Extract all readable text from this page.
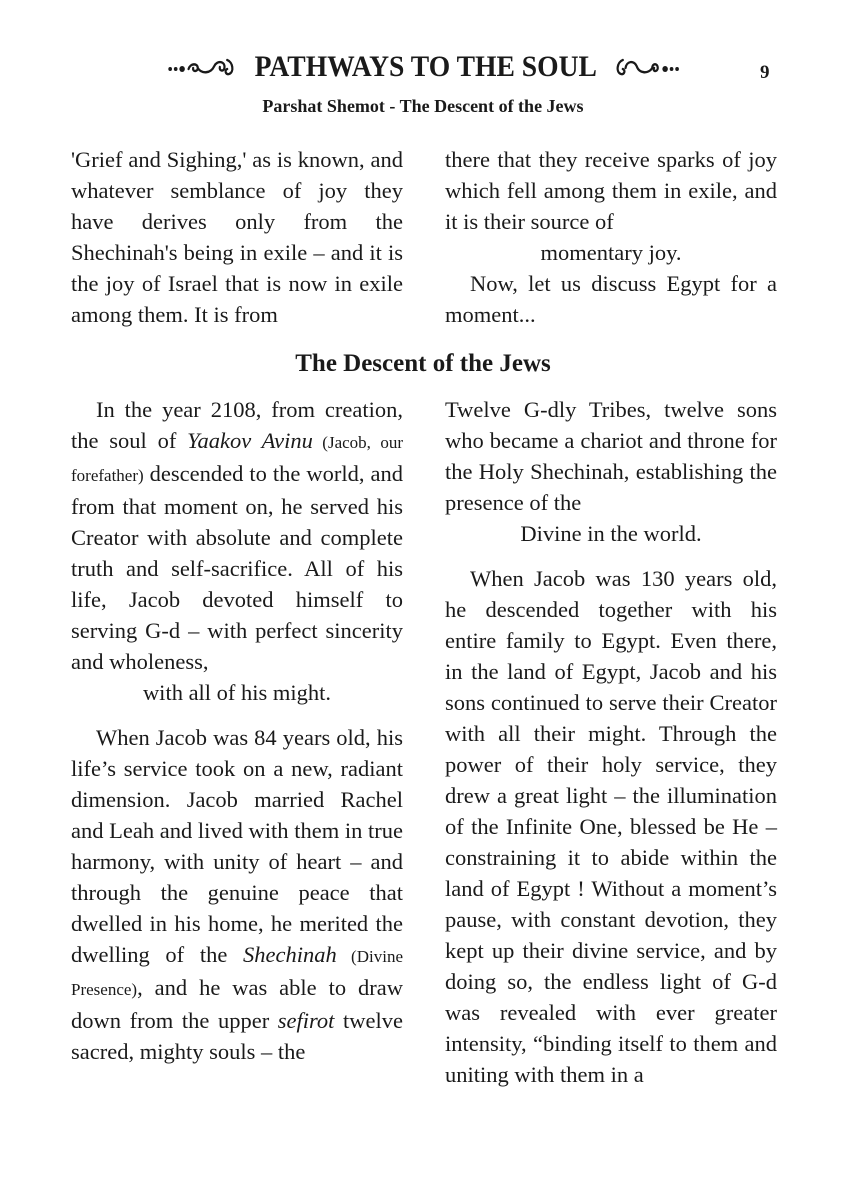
PATHWAYS TO THE SOUL	9
Parshat Shemot - The Descent of the Jews

'Grief and Sighing,' as is known, and whatever semblance of joy they have derives only from the Shechinah's being in exile – and it is the joy of Israel that is now in exile among them. It is from

there that they receive sparks of joy which fell among them in exile, and it is their source of

momentary joy.

Now, let us discuss Egypt for a moment...

The Descent of the Jews

In the year 2108, from creation, the soul of Yaakov Avinu (Jacob, our forefather) descended to the world, and from that moment on, he served his Creator with absolute and complete truth and self-sacrifice. All of his life, Jacob devoted himself to serving G-d – with perfect sincerity and wholeness,

with all of his might.

When Jacob was 84 years old, his life’s service took on a new, radiant dimension. Jacob married Rachel and Leah and lived with them in true harmony, with unity of heart – and through the genuine peace that dwelled in his home, he merited the dwelling of the Shechinah (Divine Presence), and he was able to draw down from the upper sefirot twelve sacred, mighty souls – the

Twelve G-dly Tribes, twelve sons who became a chariot and throne for the Holy Shechinah, establishing the presence of the

Divine in the world.

When Jacob was 130 years old, he descended together with his entire family to Egypt. Even there, in the land of Egypt, Jacob and his sons continued to serve their Creator with all their might. Through the power of their holy service, they drew a great light – the illumination of the Infinite One, blessed be He – constraining it to abide within the land of Egypt ! Without a moment’s pause, with constant devotion, they kept up their divine service, and by doing so, the endless light of G-d was revealed with ever greater intensity, “binding itself to them and uniting with them in a
